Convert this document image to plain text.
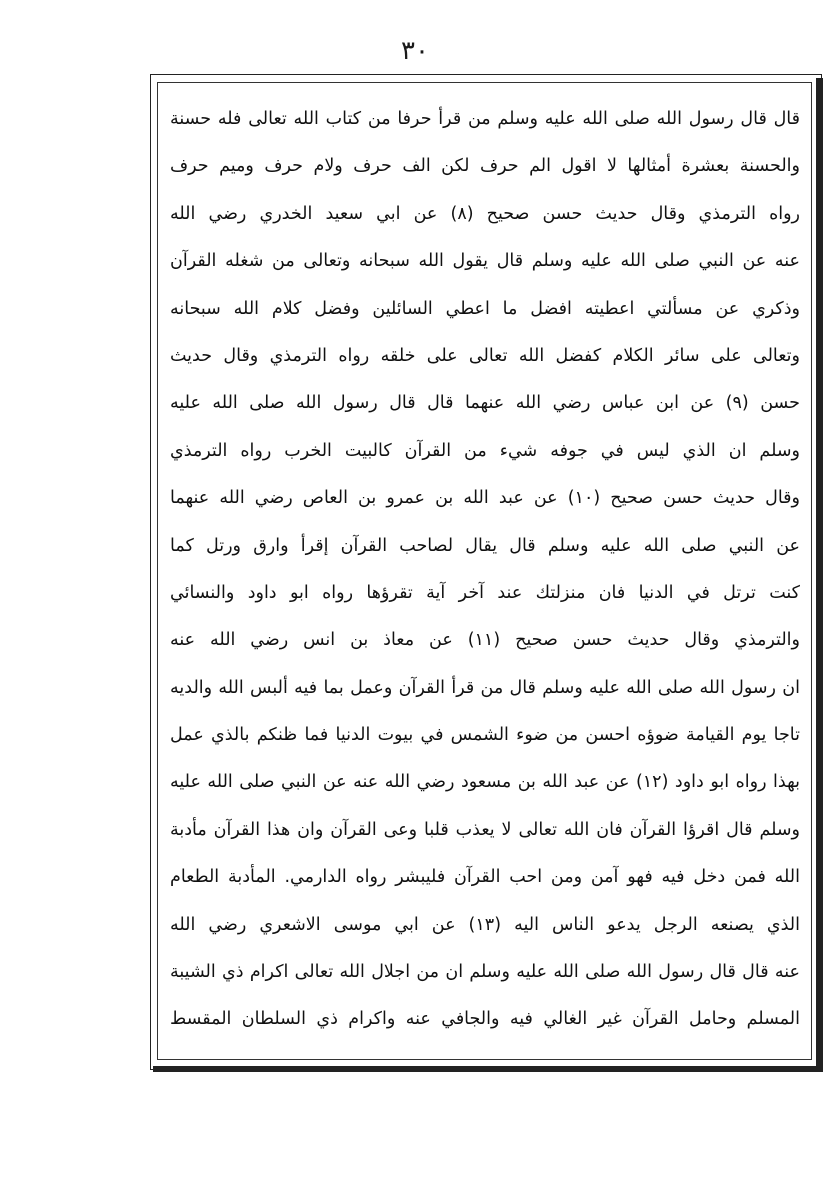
٣٠
قال قال رسول الله صلى الله عليه وسلم من قرأ حرفا من كتاب الله تعالى فله حسنة
والحسنة بعشرة أمثالها لا اقول الم حرف لكن الف حرف ولام حرف وميم حرف
رواه الترمذي وقال حديث حسن صحيح (٨) عن ابي سعيد الخدري رضي الله
عنه عن النبي صلى الله عليه وسلم قال يقول الله سبحانه وتعالى من شغله القرآن
وذكري عن مسألتي اعطيته افضل ما اعطي السائلين وفضل كلام الله سبحانه
وتعالى على سائر الكلام كفضل الله تعالى على خلقه رواه الترمذي وقال حديث
حسن (٩) عن ابن عباس رضي الله عنهما قال قال رسول الله صلى الله عليه
وسلم ان الذي ليس في جوفه شيء من القرآن كالبيت الخرب رواه الترمذي
وقال حديث حسن صحيح (١٠) عن عبد الله بن عمرو بن العاص رضي الله عنهما
عن النبي صلى الله عليه وسلم قال يقال لصاحب القرآن إقرأ وارق ورتل كما
كنت ترتل في الدنيا فان منزلتك عند آخر آية تقرؤها رواه ابو داود والنسائي
والترمذي وقال حديث حسن صحيح (١١) عن معاذ بن انس رضي الله عنه
ان رسول الله صلى الله عليه وسلم قال من قرأ القرآن وعمل بما فيه ألبس الله والديه
تاجا يوم القيامة ضوؤه احسن من ضوء الشمس في بيوت الدنيا فما ظنكم بالذي عمل
بهذا رواه ابو داود (١٢) عن عبد الله بن مسعود رضي الله عنه عن النبي صلى الله عليه
وسلم قال اقرؤا القرآن فان الله تعالى لا يعذب قلبا وعى القرآن وان هذا القرآن مأدبة
الله فمن دخل فيه فهو آمن ومن احب القرآن فليبشر رواه الدارمي. المأدبة الطعام
الذي يصنعه الرجل يدعو الناس اليه (١٣) عن ابي موسى الاشعري رضي الله
عنه قال قال رسول الله صلى الله عليه وسلم ان من اجلال الله تعالى اكرام ذي الشيبة
المسلم وحامل القرآن غير الغالي فيه والجافي عنه واكرام ذي السلطان المقسط
